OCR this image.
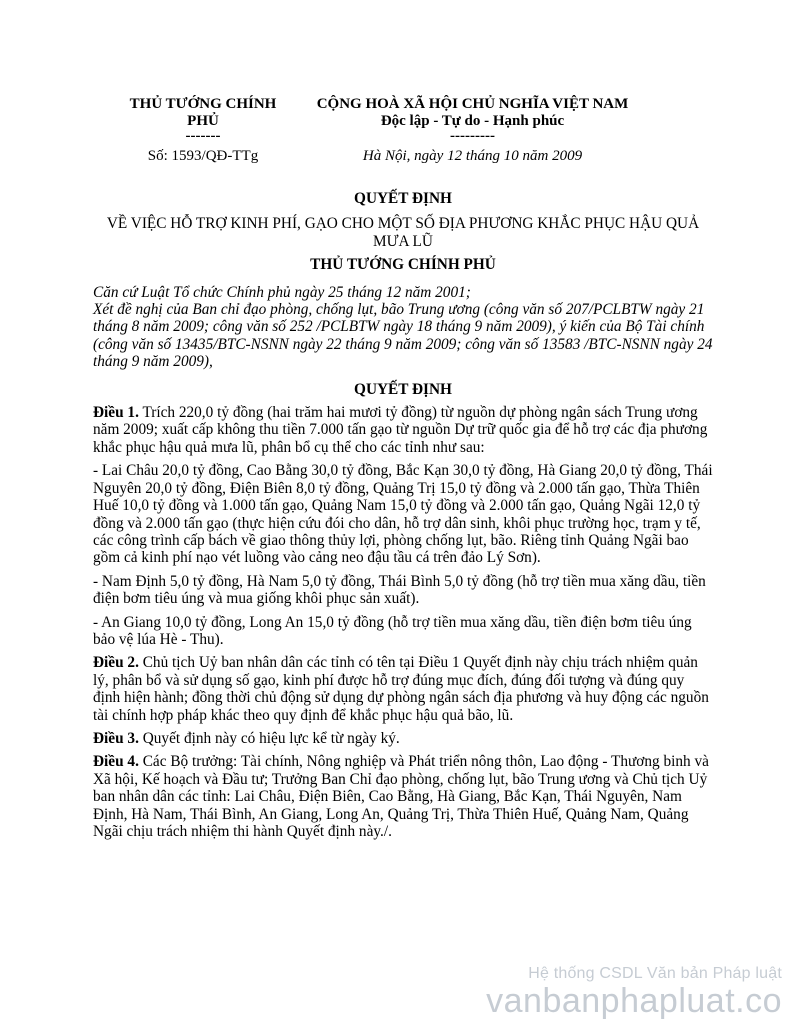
THỦ TƯỚNG CHÍNH
PHỦ
-------
Số: 1593/QĐ-TTg
CỘNG HOÀ XÃ HỘI CHỦ NGHĨA VIỆT NAM
Độc lập - Tự do - Hạnh phúc
---------
Hà Nội, ngày 12 tháng 10 năm 2009
QUYẾT ĐỊNH
VỀ VIỆC HỖ TRỢ KINH PHÍ, GẠO CHO MỘT SỐ ĐỊA PHƯƠNG KHẮC PHỤC HẬU QUẢ
MƯA LŨ
THỦ TƯỚNG CHÍNH PHỦ

Căn cứ Luật Tổ chức Chính phủ ngày 25 tháng 12 năm 2001;

Xét đề nghị của Ban chỉ đạo phòng, chống lụt, bão Trung ương (công văn số 207/PCLBTW ngày 21 tháng 8 năm 2009; công văn số 252 /PCLBTW ngày 18 tháng 9 năm 2009), ý kiến của Bộ Tài chính (công văn số 13435/BTC-NSNN ngày 22 tháng 9 năm 2009; công văn số 13583 /BTC-NSNN ngày 24 tháng 9 năm 2009),

QUYẾT ĐỊNH

Điều 1. Trích 220,0 tỷ đồng (hai trăm hai mươi tỷ đồng) từ nguồn dự phòng ngân sách Trung ương năm 2009; xuất cấp không thu tiền 7.000 tấn gạo từ nguồn Dự trữ quốc gia để hỗ trợ các địa phương khắc phục hậu quả mưa lũ, phân bổ cụ thể cho các tỉnh như sau:

- Lai Châu 20,0 tỷ đồng, Cao Bằng 30,0 tỷ đồng, Bắc Kạn 30,0 tỷ đồng, Hà Giang 20,0 tỷ đồng, Thái Nguyên 20,0 tỷ đồng, Điện Biên 8,0 tỷ đồng, Quảng Trị 15,0 tỷ đồng và 2.000 tấn gạo, Thừa Thiên Huế 10,0 tỷ đồng và 1.000 tấn gạo, Quảng Nam 15,0 tỷ đồng và 2.000 tấn gạo, Quảng Ngãi 12,0 tỷ đồng và 2.000 tấn gạo (thực hiện cứu đói cho dân, hỗ trợ dân sinh, khôi phục trường học, trạm y tế, các công trình cấp bách về giao thông thủy lợi, phòng chống lụt, bão. Riêng tỉnh Quảng Ngãi bao gồm cả kinh phí nạo vét luồng vào cảng neo đậu tầu cá trên đảo Lý Sơn).

- Nam Định 5,0 tỷ đồng, Hà Nam 5,0 tỷ đồng, Thái Bình 5,0 tỷ đồng (hỗ trợ tiền mua xăng dầu, tiền điện bơm tiêu úng và mua giống khôi phục sản xuất).

- An Giang 10,0 tỷ đồng, Long An 15,0 tỷ đồng (hỗ trợ tiền mua xăng dầu, tiền điện bơm tiêu úng bảo vệ lúa Hè - Thu).

Điều 2. Chủ tịch Uỷ ban nhân dân các tỉnh có tên tại Điều 1 Quyết định này chịu trách nhiệm quản lý, phân bổ và sử dụng số gạo, kinh phí được hỗ trợ đúng mục đích, đúng đối tượng và đúng quy định hiện hành; đồng thời chủ động sử dụng dự phòng ngân sách địa phương và huy động các nguồn tài chính hợp pháp khác theo quy định để khắc phục hậu quả bão, lũ.

Điều 3. Quyết định này có hiệu lực kể từ ngày ký.

Điều 4. Các Bộ trưởng: Tài chính, Nông nghiệp và Phát triển nông thôn, Lao động - Thương binh và Xã hội, Kế hoạch và Đầu tư; Trưởng Ban Chỉ đạo phòng, chống lụt, bão Trung ương và Chủ tịch Uỷ ban nhân dân các tỉnh: Lai Châu, Điện Biên, Cao Bằng, Hà Giang, Bắc Kạn, Thái Nguyên, Nam Định, Hà Nam, Thái Bình, An Giang, Long An, Quảng Trị, Thừa Thiên Huế, Quảng Nam, Quảng Ngãi chịu trách nhiệm thi hành Quyết định này./.

Hệ thống CSDL Văn bản Pháp luật
vanbanphapluat.co
